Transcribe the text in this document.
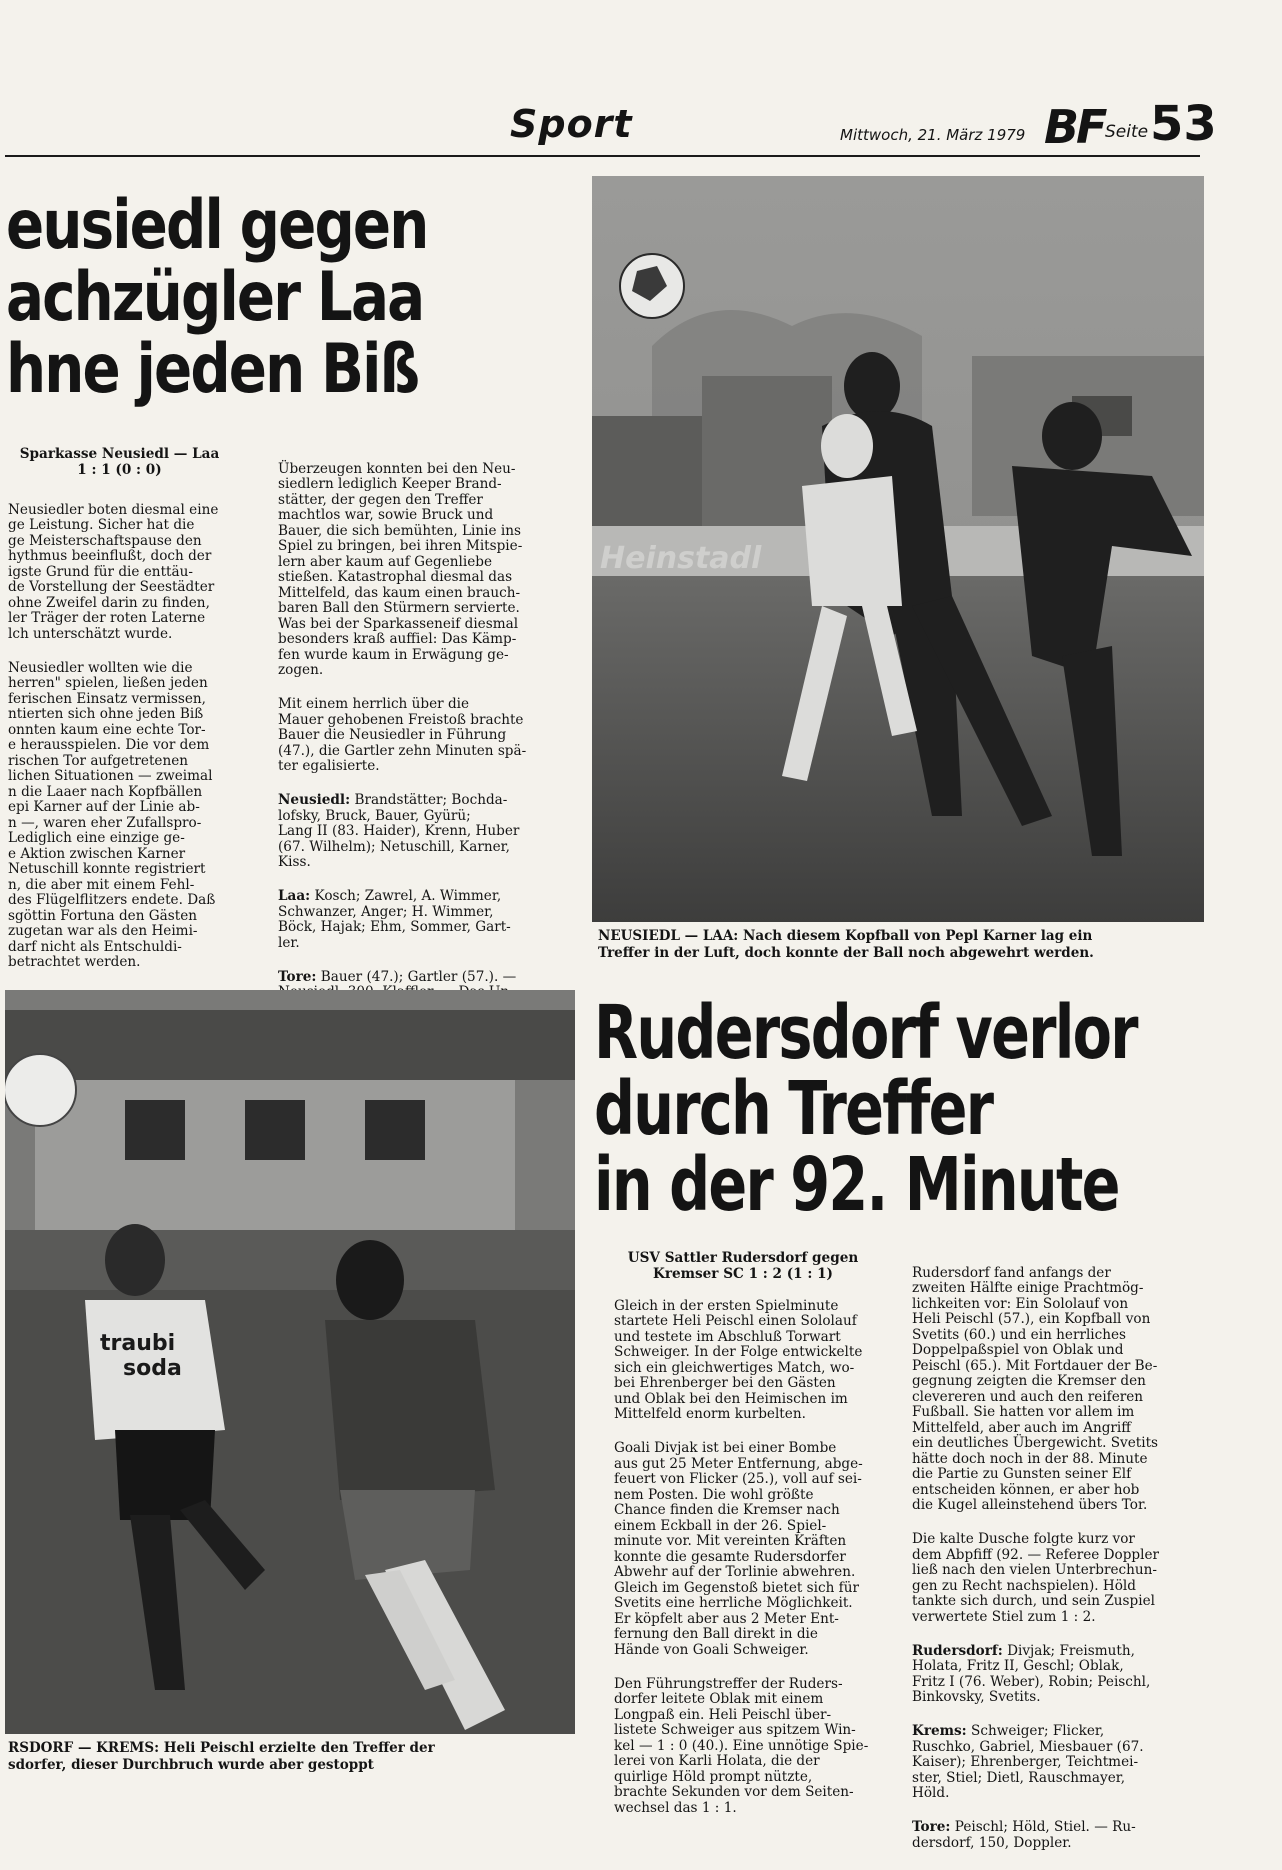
Sport	Mittwoch, 21. März 1979 BF Seite 53
eusiedl gegen
achzügler Laa
hne jeden Biß
Sparkasse Neusiedl — Laa
1 : 1 (0 : 0)

Neusiedler boten diesmal eine
ge Leistung. Sicher hat die
ge Meisterschaftspause den
hythmus beeinflußt, doch der
igste Grund für die enttäu-
de Vorstellung der Seestädter
ohne Zweifel darin zu finden,
ler Träger der roten Laterne
lch unterschätzt wurde.

Neusiedler wollten wie die
herren" spielen, ließen jeden
ferischen Einsatz vermissen,
ntierten sich ohne jeden Biß
onnten kaum eine echte Tor-
e herausspielen. Die vor dem
rischen Tor aufgetretenen
lichen Situationen — zweimal
n die Laaer nach Kopfbällen
epi Karner auf der Linie ab-
n —, waren eher Zufallspro-
Lediglich eine einzige ge-
e Aktion zwischen Karner
Netuschill konnte registriert
n, die aber mit einem Fehl-
des Flügelflitzers endete. Daß
sgöttin Fortuna den Gästen
zugetan war als den Heimi-
darf nicht als Entschuldi-
betrachtet werden.

Überzeugen konnten bei den Neu-
siedlern lediglich Keeper Brand-
stätter, der gegen den Treffer
machtlos war, sowie Bruck und
Bauer, die sich bemühten, Linie ins
Spiel zu bringen, bei ihren Mitspie-
lern aber kaum auf Gegenliebe
stießen. Katastrophal diesmal das
Mittelfeld, das kaum einen brauch-
baren Ball den Stürmern servierte.
Was bei der Sparkasseneif diesmal
besonders kraß auffiel: Das Kämp-
fen wurde kaum in Erwägung ge-
zogen.

Mit einem herrlich über die
Mauer gehobenen Freistoß brachte
Bauer die Neusiedler in Führung
(47.), die Gartler zehn Minuten spä-
ter egalisierte.

Neusiedl: Brandstätter; Bochda-
lofsky, Bruck, Bauer, Gyürü;
Lang II (83. Haider), Krenn, Huber
(67. Wilhelm); Netuschill, Karner,
Kiss.

Laa: Kosch; Zawrel, A. Wimmer,
Schwanzer, Anger; H. Wimmer,
Böck, Hajak; Ehm, Sommer, Gart-
ler.

Tore: Bauer (47.); Gartler (57.). —

Heinstadl
NEUSIEDL — LAA: Nach diesem Kopfball von Pepl Karner lag ein
Treffer in der Luft, doch konnte der Ball noch abgewehrt werden.
traubi
soda
RSDORF — KREMS: Heli Peischl erzielte den Treffer der
sdorfer, dieser Durchbruch wurde aber gestoppt
Rudersdorf verlor
durch Treffer
in der 92. Minute
USV Sattler Rudersdorf gegen
Kremser SC 1 : 2 (1 : 1)

Gleich in der ersten Spielminute
startete Heli Peischl einen Sololauf
und testete im Abschluß Torwart
Schweiger. In der Folge entwickelte
sich ein gleichwertiges Match, wo-
bei Ehrenberger bei den Gästen
und Oblak bei den Heimischen im
Mittelfeld enorm kurbelten.

Goali Divjak ist bei einer Bombe
aus gut 25 Meter Entfernung, abge-
feuert von Flicker (25.), voll auf sei-
nem Posten. Die wohl größte
Chance finden die Kremser nach
einem Eckball in der 26. Spiel-
minute vor. Mit vereinten Kräften
konnte die gesamte Rudersdorfer
Abwehr auf der Torlinie abwehren.
Gleich im Gegenstoß bietet sich für
Svetits eine herrliche Möglichkeit.
Er köpfelt aber aus 2 Meter Ent-
fernung den Ball direkt in die
Hände von Goali Schweiger.

Den Führungstreffer der Ruders-
dorfer leitete Oblak mit einem
Longpaß ein. Heli Peischl über-
listete Schweiger aus spitzem Win-
kel — 1 : 0 (40.). Eine unnötige Spie-
lerei von Karli Holata, die der
quirlige Höld prompt nützte,
brachte Sekunden vor dem Seiten-
wechsel das 1 : 1.

Rudersdorf fand anfangs der
zweiten Hälfte einige Prachtmög-
lichkeiten vor: Ein Sololauf von
Heli Peischl (57.), ein Kopfball von
Svetits (60.) und ein herrliches
Doppelpaßspiel von Oblak und
Peischl (65.). Mit Fortdauer der Be-
gegnung zeigten die Kremser den
clevereren und auch den reiferen
Fußball. Sie hatten vor allem im
Mittelfeld, aber auch im Angriff
ein deutliches Übergewicht. Svetits
hätte doch noch in der 88. Minute
die Partie zu Gunsten seiner Elf
entscheiden können, er aber hob
die Kugel alleinstehend übers Tor.

Die kalte Dusche folgte kurz vor
dem Abpfiff (92. — Referee Doppler
ließ nach den vielen Unterbrechun-
gen zu Recht nachspielen). Höld
tankte sich durch, und sein Zuspiel
verwertete Stiel zum 1 : 2.

Rudersdorf: Divjak; Freismuth,
Holata, Fritz II, Geschl; Oblak,
Fritz I (76. Weber), Robin; Peischl,
Binkovsky, Svetits.

Krems: Schweiger; Flicker,
Ruschko, Gabriel, Miesbauer (67.
Kaiser); Ehrenberger, Teichtmei-
ster, Stiel; Dietl, Rauschmayer,
Höld.

Tore: Peischl; Höld, Stiel. — Ru-
dersdorf, 150, Doppler.
